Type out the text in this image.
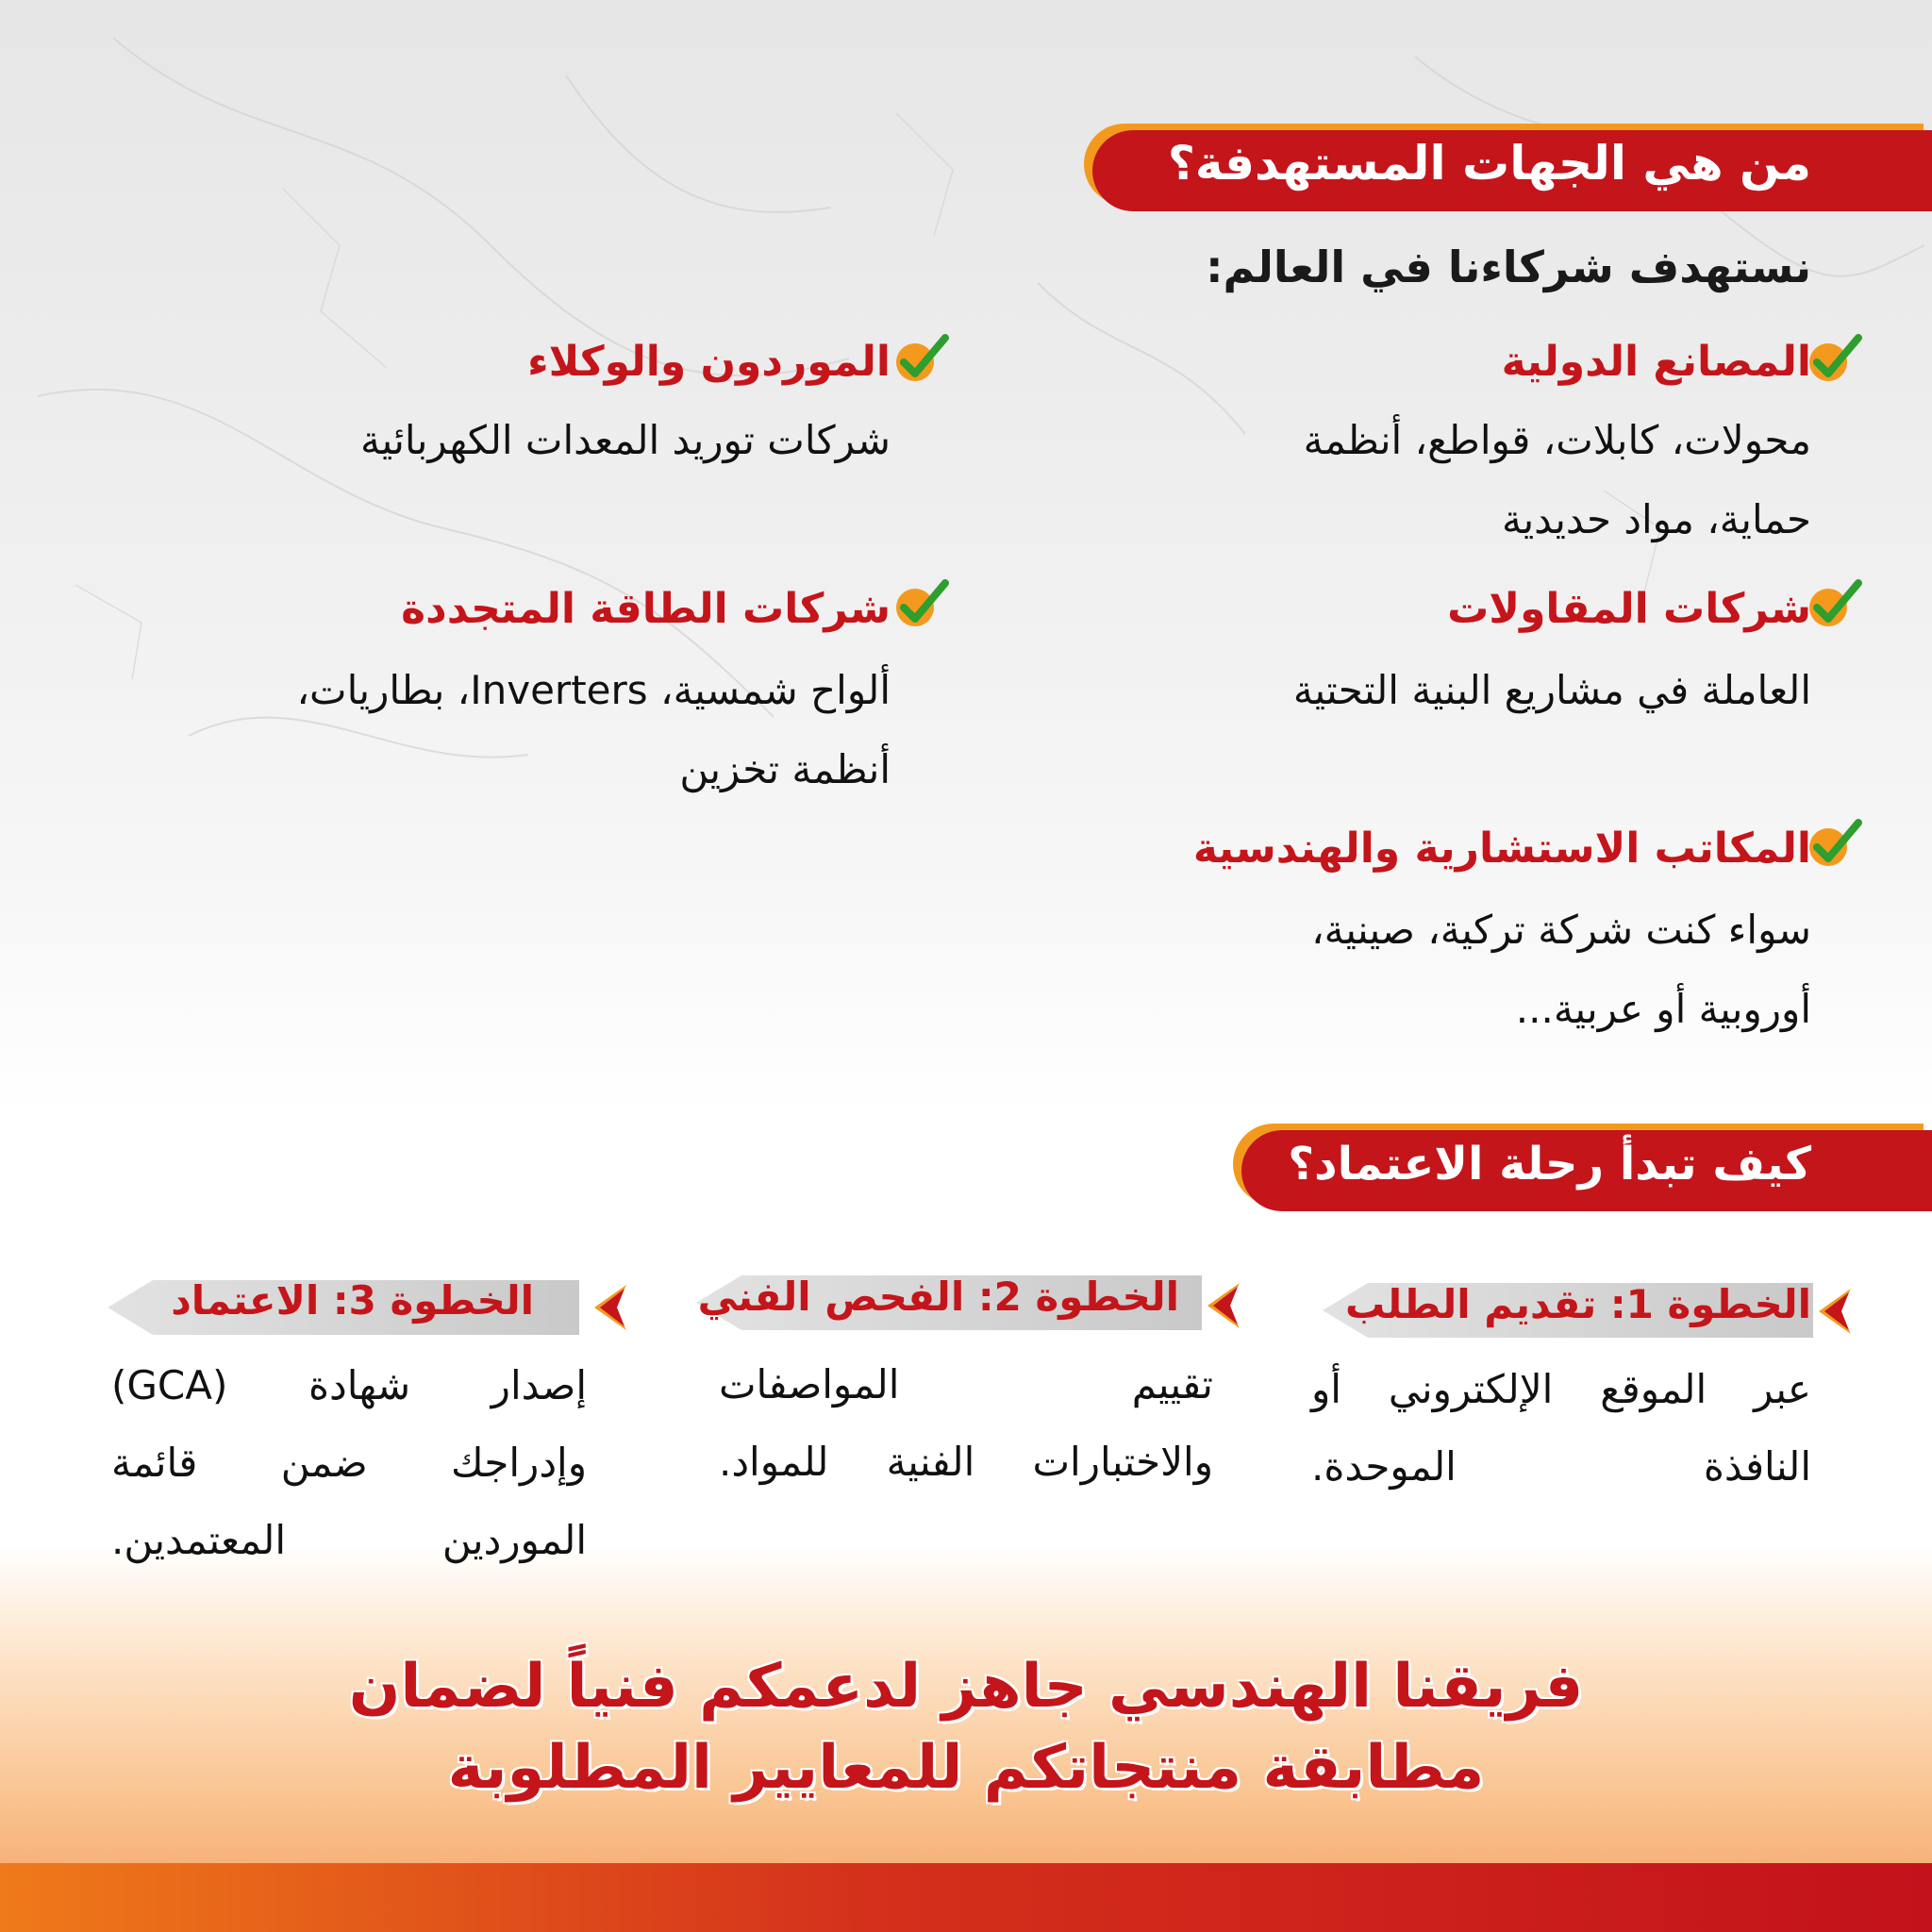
من هي الجهات المستهدفة؟
نستهدف شركاءنا في العالم:
المصانع الدولية
محولات، كابلات، قواطع، أنظمة
حماية، مواد حديدية
شركات المقاولات
العاملة في مشاريع البنية التحتية
المكاتب الاستشارية والهندسية
سواء كنت شركة تركية، صينية،
أوروبية أو عربية...
الموردون والوكلاء
شركات توريد المعدات الكهربائية
شركات الطاقة المتجددة
ألواح شمسية، Inverters، بطاريات،
أنظمة تخزين
كيف تبدأ رحلة الاعتماد؟
الخطوة 1: تقديم الطلب
عبر الموقع الإلكتروني أو
النافذة الموحدة.
الخطوة 2: الفحص الفني
تقييم المواصفات
والاختبارات الفنية للمواد.
الخطوة 3: الاعتماد
إصدار شهادة (GCA)
وإدراجك ضمن قائمة
الموردين المعتمدين.
فريقنا الهندسي جاهز لدعمكم فنياً لضمان
مطابقة منتجاتكم للمعايير المطلوبة
